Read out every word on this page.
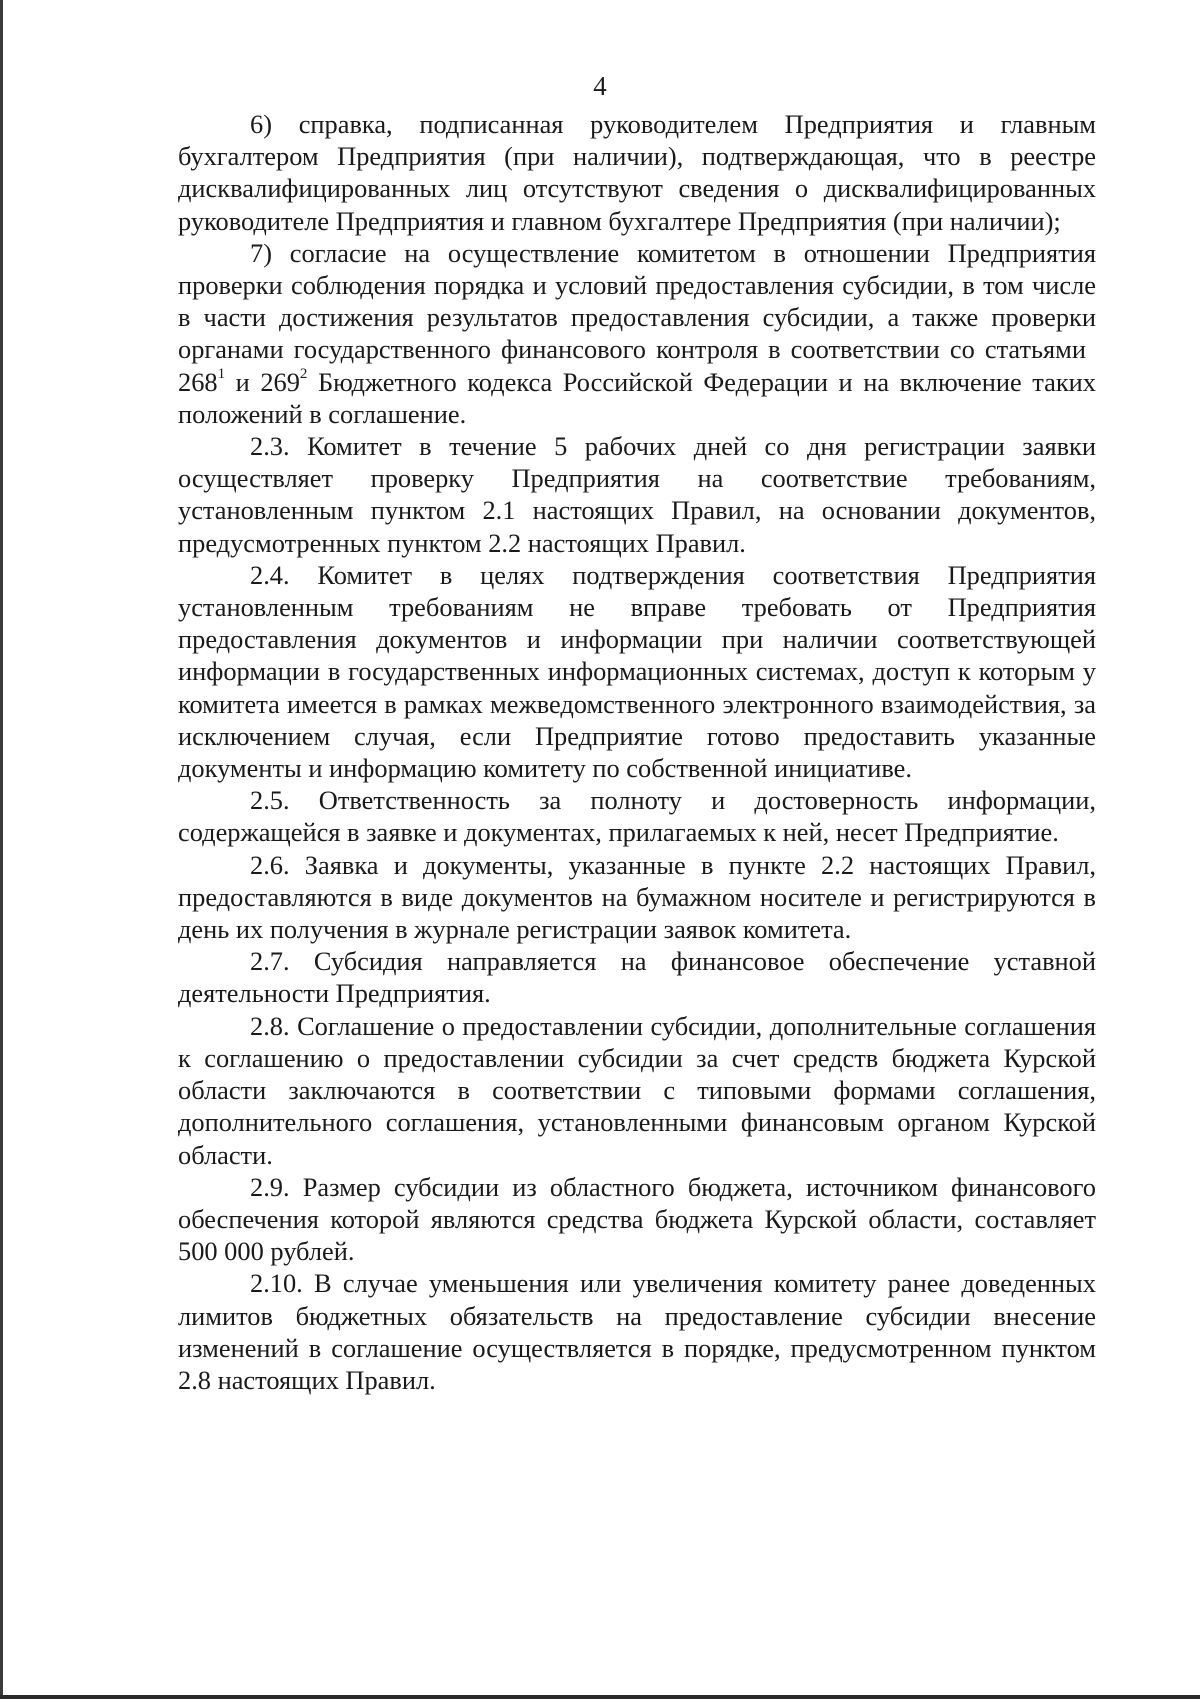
4

6) справка, подписанная руководителем Предприятия и главным бухгалтером Предприятия (при наличии), подтверждающая, что в реестре дисквалифицированных лиц отсутствуют сведения о дисквалифицированных руководителе Предприятия и главном бухгалтере Предприятия (при наличии);

7) согласие на осуществление комитетом в отношении Предприятия проверки соблюдения порядка и условий предоставления субсидии, в том числе в части достижения результатов предоставления субсидии, а также проверки органами государственного финансового контроля в соответствии со $статьями268^1$ и $269^2$ Бюджетного кодекса Российской Федерации и на включение таких положений в соглашение.

2.3. Комитет в течение 5 рабочих дней со дня регистрации заявки осуществляет проверку Предприятия на соответствие требованиям, установленным пунктом 2.1 настоящих Правил, на основании документов, предусмотренных пунктом 2.2 настоящих Правил.

2.4. Комитет в целях подтверждения соответствия Предприятия установленным требованиям не вправе требовать от Предприятия предоставления документов и информации при наличии соответствующей информации в государственных информационных системах, доступ к которым у комитета имеется в рамках межведомственного электронного взаимодействия, за исключением случая, если Предприятие готово предоставить указанные документы и информацию комитету по собственной инициативе.

2.5. Ответственность за полноту и достоверность информации, содержащейся в заявке и документах, прилагаемых к ней, несет Предприятие.

2.6. Заявка и документы, указанные в пункте 2.2 настоящих Правил, предоставляются в виде документов на бумажном носителе и регистрируются в день их получения в журнале регистрации заявок комитета.

2.7. Субсидия направляется на финансовое обеспечение уставной деятельности Предприятия.

2.8. Соглашение о предоставлении субсидии, дополнительные соглашения к соглашению о предоставлении субсидии за счет средств бюджета Курской области заключаются в соответствии с типовыми формами соглашения, дополнительного соглашения, установленными финансовым органом Курской области.

2.9. Размер субсидии из областного бюджета, источником финансового обеспечения которой являются средства бюджета Курской области, составляет 500 000 рублей.

2.10. В случае уменьшения или увеличения комитету ранее доведенных лимитов бюджетных обязательств на предоставление субсидии внесение изменений в соглашение осуществляется в порядке, предусмотренном пунктом 2.8 настоящих Правил.
